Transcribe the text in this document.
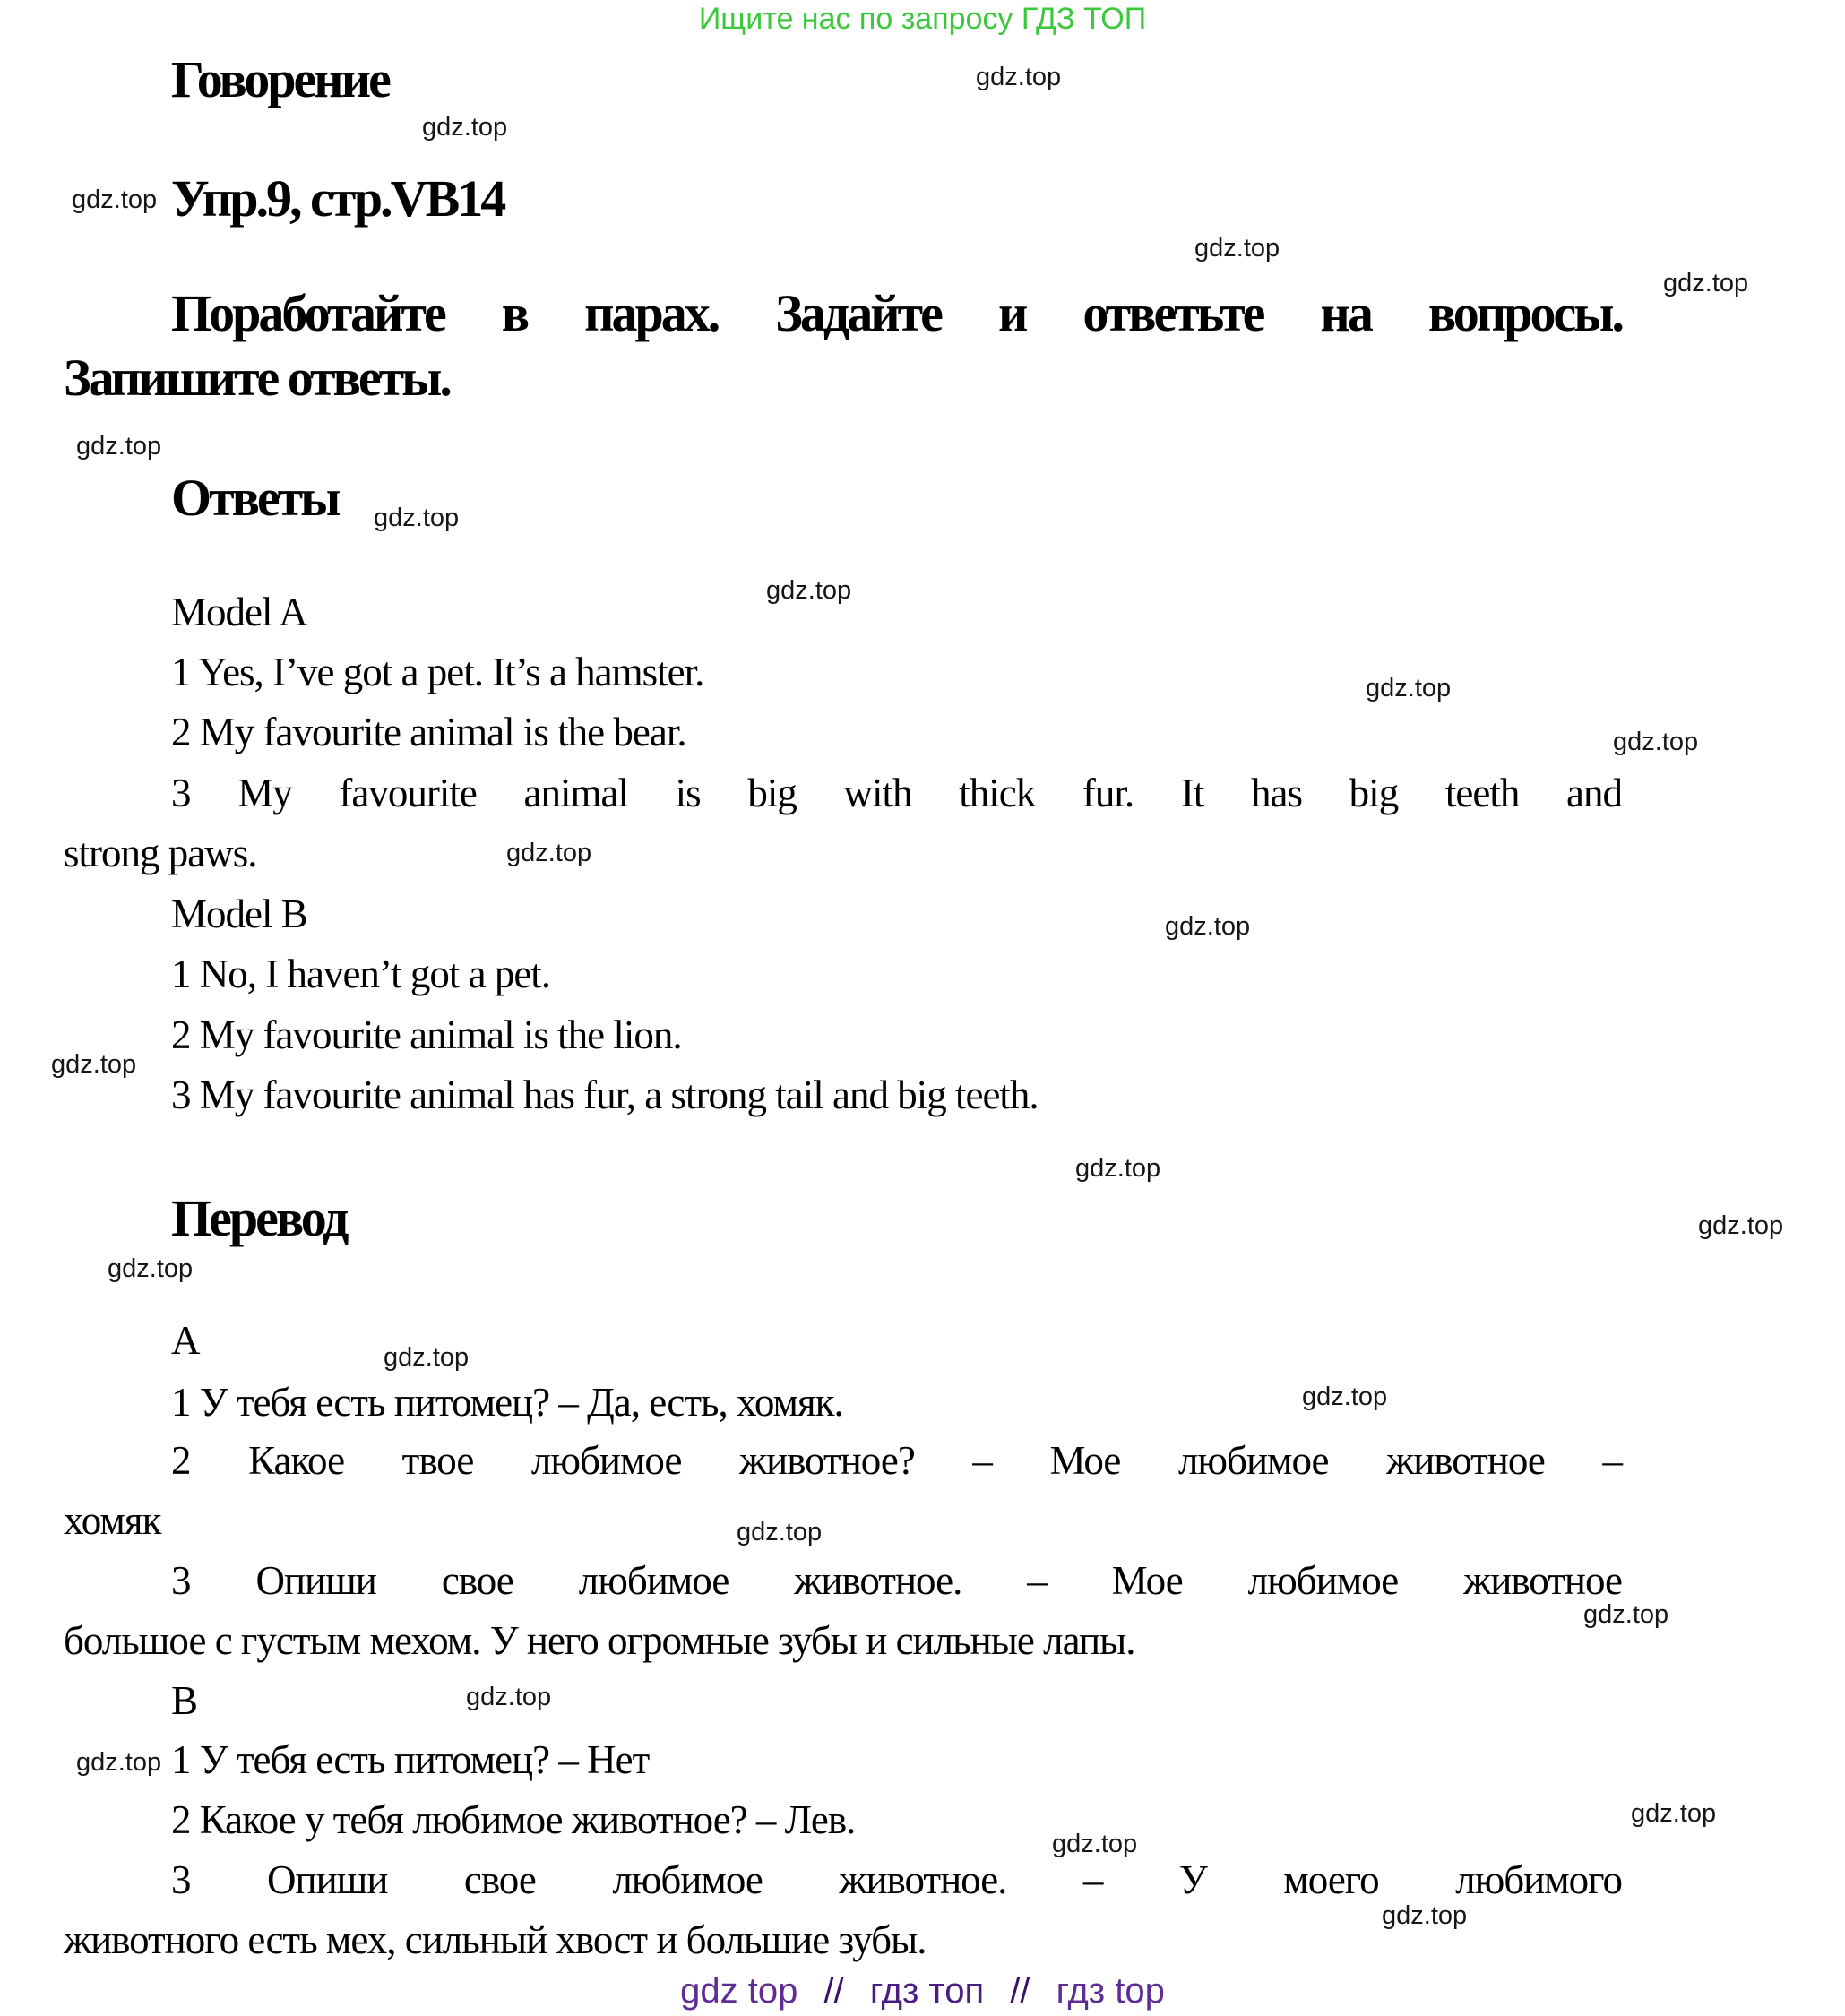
Ищите нас по запросу ГДЗ ТОП
Говорение
Упр.9, стр.VB14
Поработайте в парах. Задайте и ответьте на вопросы.
Запишите ответы.
Ответы
Model A
1 Yes, I’ve got a pet. It’s a hamster.
2 My favourite animal is the bear.
3 My favourite animal is big with thick fur. It has big teeth and
strong paws.
Model B
1 No, I haven’t got a pet.
2 My favourite animal is the lion.
3 My favourite animal has fur, a strong tail and big teeth.
Перевод
A
1 У тебя есть питомец? – Да, есть, хомяк.
2 Какое твое любимое животное? – Мое любимое животное –
хомяк
3 Опиши свое любимое животное. – Мое любимое животное
большое с густым мехом. У него огромные зубы и сильные лапы.
B
1 У тебя есть питомец? – Нет
2 Какое у тебя любимое животное? – Лев.
3 Опиши свое любимое животное. – У моего любимого
животного есть мех, сильный хвост и большие зубы.
gdz.top
gdz.top
gdz.top
gdz.top
gdz.top
gdz.top
gdz.top
gdz.top
gdz.top
gdz.top
gdz.top
gdz.top
gdz.top
gdz.top
gdz.top
gdz.top
gdz.top
gdz.top
gdz.top
gdz.top
gdz.top
gdz.top
gdz.top
gdz.top
gdz.top
gdz top // гдз топ // гдз top
